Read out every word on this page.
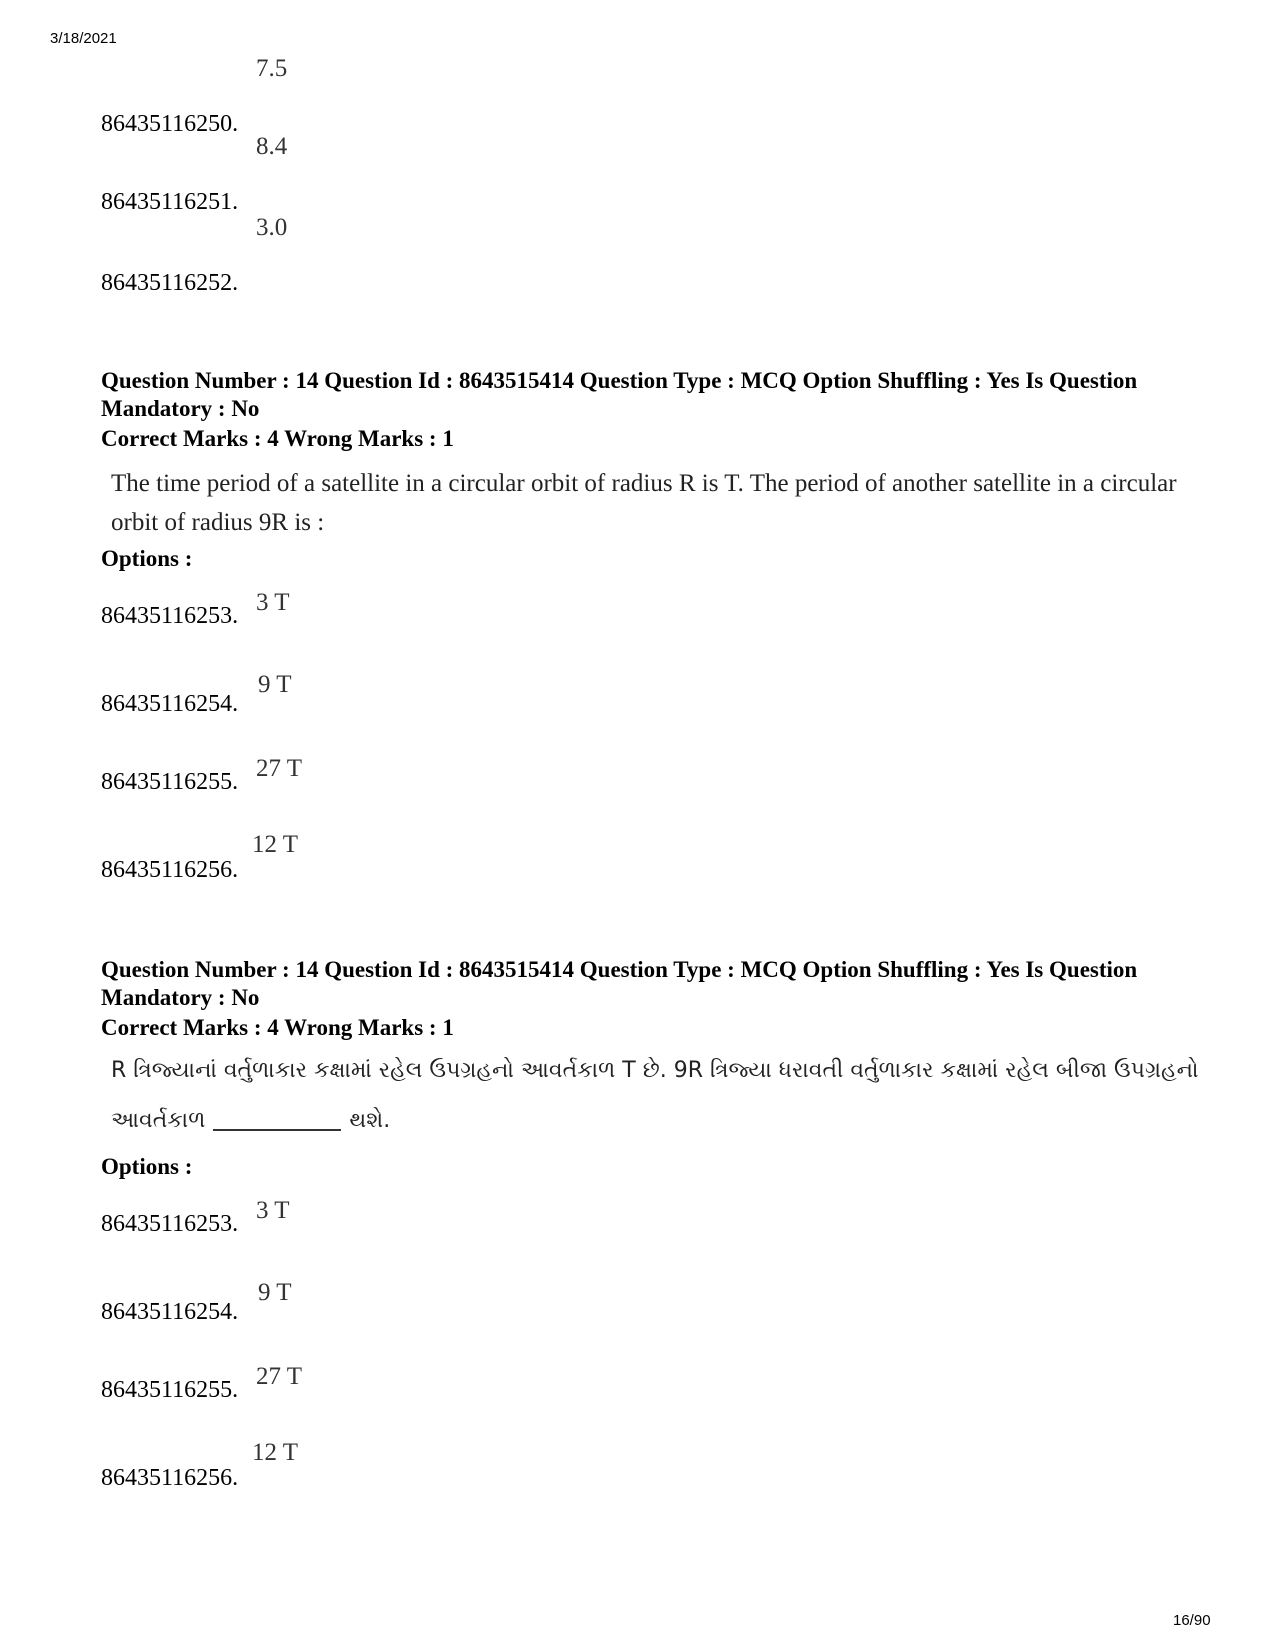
3/18/2021
7.5
86435116250.
8.4
86435116251.
3.0
86435116252.
Question Number : 14 Question Id : 8643515414 Question Type : MCQ Option Shuffling : Yes Is Question Mandatory : No
Correct Marks : 4 Wrong Marks : 1
The time period of a satellite in a circular orbit of radius R is T. The period of another satellite in a circular orbit of radius 9R is :
Options :
3 T
86435116253.
9 T
86435116254.
27 T
86435116255.
12 T
86435116256.
Question Number : 14 Question Id : 8643515414 Question Type : MCQ Option Shuffling : Yes Is Question Mandatory : No
Correct Marks : 4 Wrong Marks : 1
R ત્રિજ્યાનાં વર્તુળાકાર કક્ષામાં રહેલ ઉપગ્રહનો આવર્તકાળ T છે. 9R ત્રિજ્યા ધરાવતી વર્તુળાકાર કક્ષામાં રહેલ બીજા ઉપગ્રહનો આવર્તકાળ	થશે.
Options :
3 T
86435116253.
9 T
86435116254.
27 T
86435116255.
12 T
86435116256.
16/90
